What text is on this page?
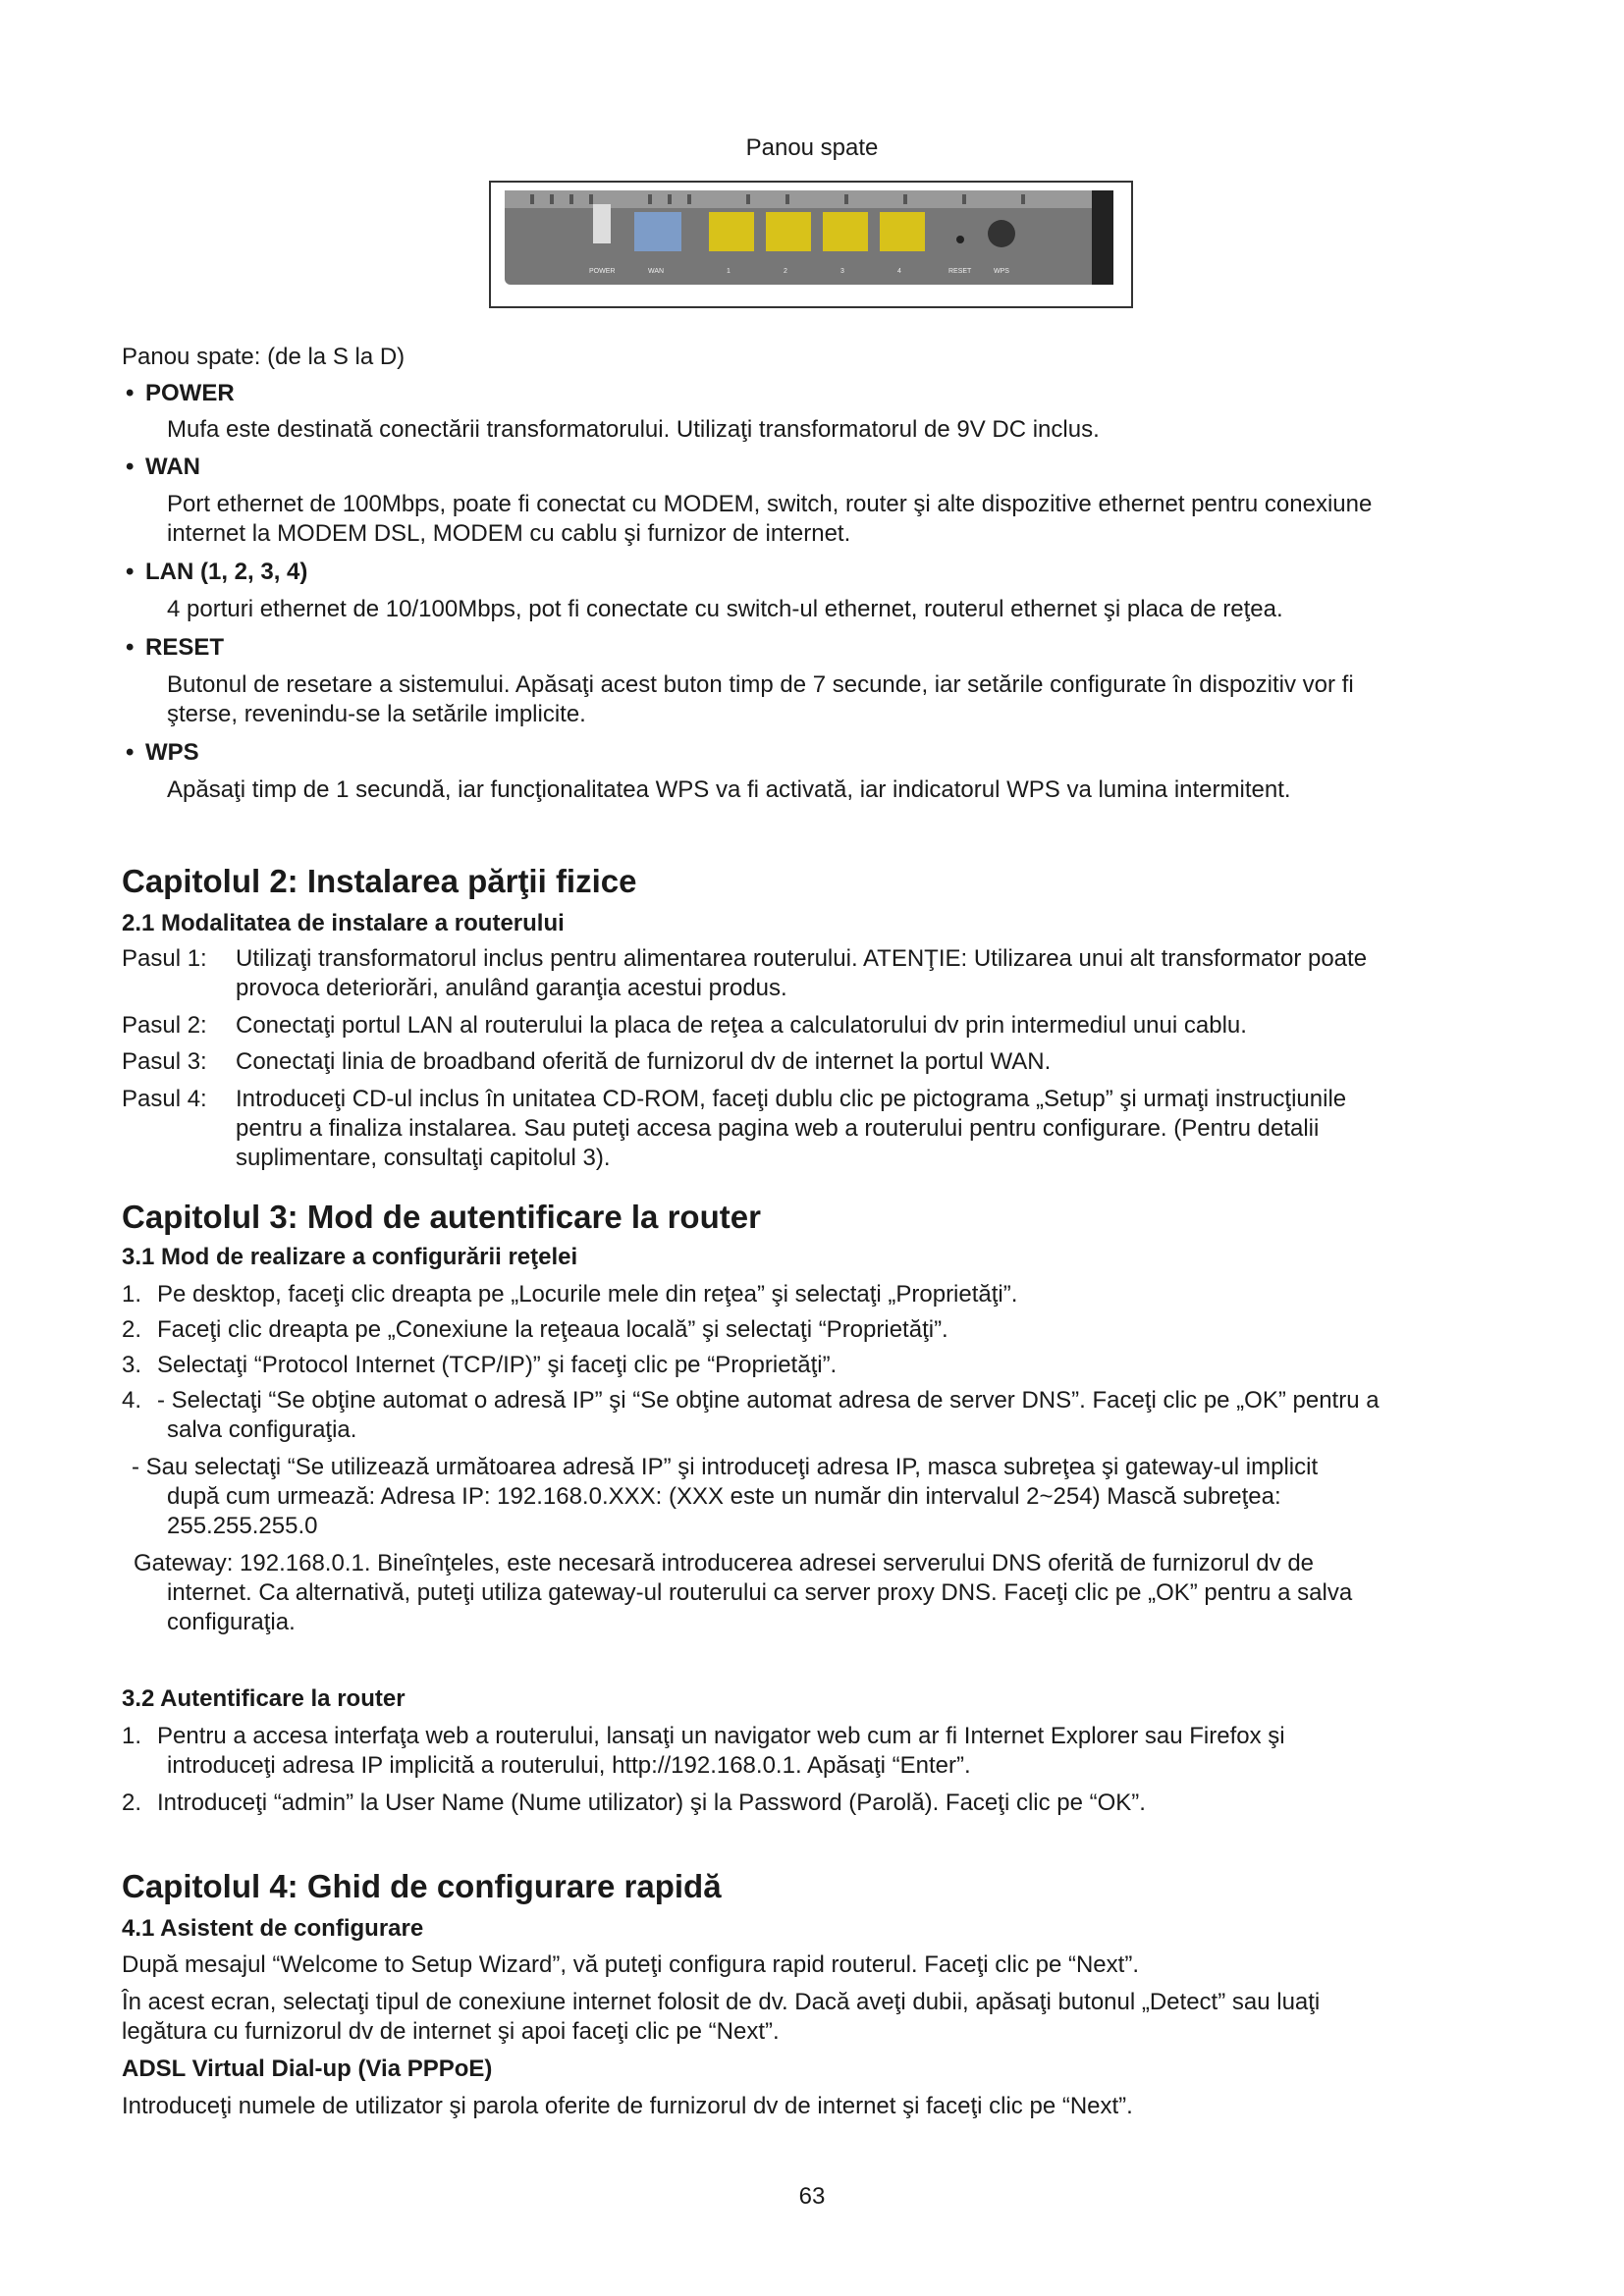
Panou spate
POWER	WAN	1	2	3	4	RESET	WPS
Panou spate: (de la S la D)
• POWER
Mufa este destinată conectării transformatorului. Utilizaţi transformatorul de 9V DC inclus.
• WAN
Port ethernet de 100Mbps, poate fi conectat cu MODEM, switch, router şi alte dispozitive ethernet pentru conexiune
internet la MODEM DSL, MODEM cu cablu şi furnizor de internet.
• LAN (1, 2, 3, 4)
4 porturi ethernet de 10/100Mbps, pot fi conectate cu switch-ul ethernet, routerul ethernet şi placa de reţea.
• RESET
Butonul de resetare a sistemului. Apăsaţi acest buton timp de 7 secunde, iar setările configurate în dispozitiv vor fi
şterse, revenindu-se la setările implicite.
• WPS
Apăsaţi timp de 1 secundă, iar funcţionalitatea WPS va fi activată, iar indicatorul WPS va lumina intermitent.
Capitolul 2: Instalarea părţii fizice
2.1 Modalitatea de instalare a routerului
Pasul 1: Utilizaţi transformatorul inclus pentru alimentarea routerului. ATENŢIE: Utilizarea unui alt transformator poate
provoca deteriorări, anulând garanţia acestui produs.
Pasul 2: Conectaţi portul LAN al routerului la placa de reţea a calculatorului dv prin intermediul unui cablu.
Pasul 3: Conectaţi linia de broadband oferită de furnizorul dv de internet la portul WAN.
Pasul 4: Introduceţi CD-ul inclus în unitatea CD-ROM, faceţi dublu clic pe pictograma „Setup” şi urmaţi instrucţiunile
pentru a finaliza instalarea. Sau puteţi accesa pagina web a routerului pentru configurare. (Pentru detalii
suplimentare, consultaţi capitolul 3).
Capitolul 3: Mod de autentificare la router
3.1 Mod de realizare a configurării reţelei
1. Pe desktop, faceţi clic dreapta pe „Locurile mele din reţea” şi selectaţi „Proprietăţi”.
2. Faceţi clic dreapta pe „Conexiune la reţeaua locală” şi selectaţi “Proprietăţi”.
3. Selectaţi “Protocol Internet (TCP/IP)” şi faceţi clic pe “Proprietăţi”.
4. - Selectaţi “Se obţine automat o adresă IP” şi “Se obţine automat adresa de server DNS”. Faceţi clic pe „OK” pentru a
salva configuraţia.
- Sau selectaţi “Se utilizează următoarea adresă IP” şi introduceţi adresa IP, masca subreţea şi gateway-ul implicit
după cum urmează: Adresa IP: 192.168.0.XXX: (XXX este un număr din intervalul 2~254) Mască subreţea:
255.255.255.0
Gateway: 192.168.0.1. Bineînţeles, este necesară introducerea adresei serverului DNS oferită de furnizorul dv de
internet. Ca alternativă, puteţi utiliza gateway-ul routerului ca server proxy DNS. Faceţi clic pe „OK” pentru a salva
configuraţia.
3.2 Autentificare la router
1. Pentru a accesa interfaţa web a routerului, lansaţi un navigator web cum ar fi Internet Explorer sau Firefox şi
introduceţi adresa IP implicită a routerului, http://192.168.0.1. Apăsaţi “Enter”.
2. Introduceţi “admin” la User Name (Nume utilizator) şi la Password (Parolă). Faceţi clic pe “OK”.
Capitolul 4: Ghid de configurare rapidă
4.1 Asistent de configurare
După mesajul “Welcome to Setup Wizard”, vă puteţi configura rapid routerul. Faceţi clic pe “Next”.
În acest ecran, selectaţi tipul de conexiune internet folosit de dv. Dacă aveţi dubii, apăsaţi butonul „Detect” sau luaţi
legătura cu furnizorul dv de internet şi apoi faceţi clic pe “Next”.
ADSL Virtual Dial-up (Via PPPoE)
Introduceţi numele de utilizator şi parola oferite de furnizorul dv de internet şi faceţi clic pe “Next”.
63
